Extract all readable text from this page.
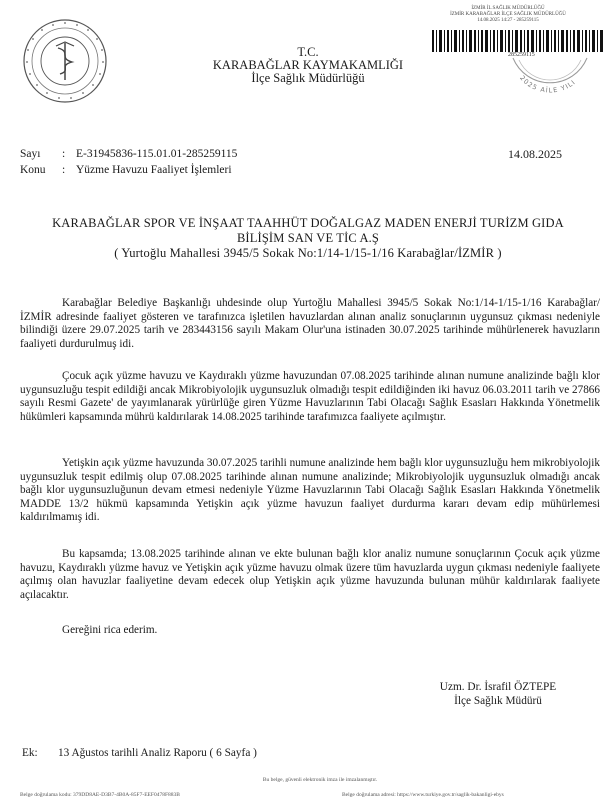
İZMİR İL SAĞLIK MÜDÜRLÜĞÜ
İZMİR KARABAĞLAR İLÇE SAĞLIK MÜDÜRLÜĞÜ
14.08.2025 14:27 - 285259115
285259115
2025 AİLE YILI
T.C.
KARABAĞLAR KAYMAKAMLIĞI
İlçe Sağlık Müdürlüğü
Sayı : E-31945836-115.01.01-285259115
Konu : Yüzme Havuzu Faaliyet İşlemleri
14.08.2025
KARABAĞLAR SPOR VE İNŞAAT TAAHHÜT DOĞALGAZ MADEN ENERJİ TURİZM GIDA
BİLİŞİM SAN VE TİC A.Ş
( Yurtoğlu Mahallesi 3945/5 Sokak No:1/14-1/15-1/16 Karabağlar/İZMİR )
Karabağlar Belediye Başkanlığı uhdesinde olup Yurtoğlu Mahallesi 3945/5 Sokak No:1/14-1/15-1/16 Karabağlar/İZMİR adresinde faaliyet gösteren ve tarafınızca işletilen havuzlardan alınan analiz sonuçlarının uygunsuz çıkması nedeniyle bilindiği üzere 29.07.2025 tarih ve 283443156 sayılı Makam Olur'una istinaden 30.07.2025 tarihinde mühürlenerek havuzların faaliyeti durdurulmuş idi.
Çocuk açık yüzme havuzu ve Kaydıraklı yüzme havuzundan 07.08.2025 tarihinde alınan numune analizinde bağlı klor uygunsuzluğu tespit edildiği ancak Mikrobiyolojik uygunsuzluk olmadığı tespit edildiğinden iki havuz 06.03.2011 tarih ve 27866 sayılı Resmi Gazete' de yayımlanarak yürürlüğe giren Yüzme Havuzlarının Tabi Olacağı Sağlık Esasları Hakkında Yönetmelik hükümleri kapsamında mührü kaldırılarak 14.08.2025 tarihinde tarafımızca faaliyete açılmıştır.
Yetişkin açık yüzme havuzunda 30.07.2025 tarihli numune analizinde hem bağlı klor uygunsuzluğu hem mikrobiyolojik uygunsuzluk tespit edilmiş olup 07.08.2025 tarihinde alınan numune analizinde; Mikrobiyolojik uygunsuzluk olmadığı ancak bağlı klor uygunsuzluğunun devam etmesi nedeniyle Yüzme Havuzlarının Tabi Olacağı Sağlık Esasları Hakkında Yönetmelik MADDE 13/2 hükmü kapsamında Yetişkin açık yüzme havuzun faaliyet durdurma kararı devam edip mühürlemesi kaldırılmamış idi.
Bu kapsamda; 13.08.2025 tarihinde alınan ve ekte bulunan bağlı klor analiz numune sonuçlarının Çocuk açık yüzme havuzu, Kaydıraklı yüzme havuz ve Yetişkin açık yüzme havuzu olmak üzere tüm havuzlarda uygun çıkması nedeniyle faaliyete açılmış olan havuzlar faaliyetine devam edecek olup Yetişkin açık yüzme havuzunda bulunan mühür kaldırılarak faaliyete açılacaktır.
Gereğini rica ederim.
Uzm. Dr. İsrafil ÖZTEPE
İlçe Sağlık Müdürü
Ek: 13 Ağustos tarihli Analiz Raporu ( 6 Sayfa )
Bu belge, güvenli elektronik imza ile imzalanmıştır.
Belge doğrulama kodu: 379DD8AE-D3B7-4B0A-85F7-EEF0478F883B	Belge doğrulama adresi: https://www.turkiye.gov.tr/saglik-bakanligi-ebys
